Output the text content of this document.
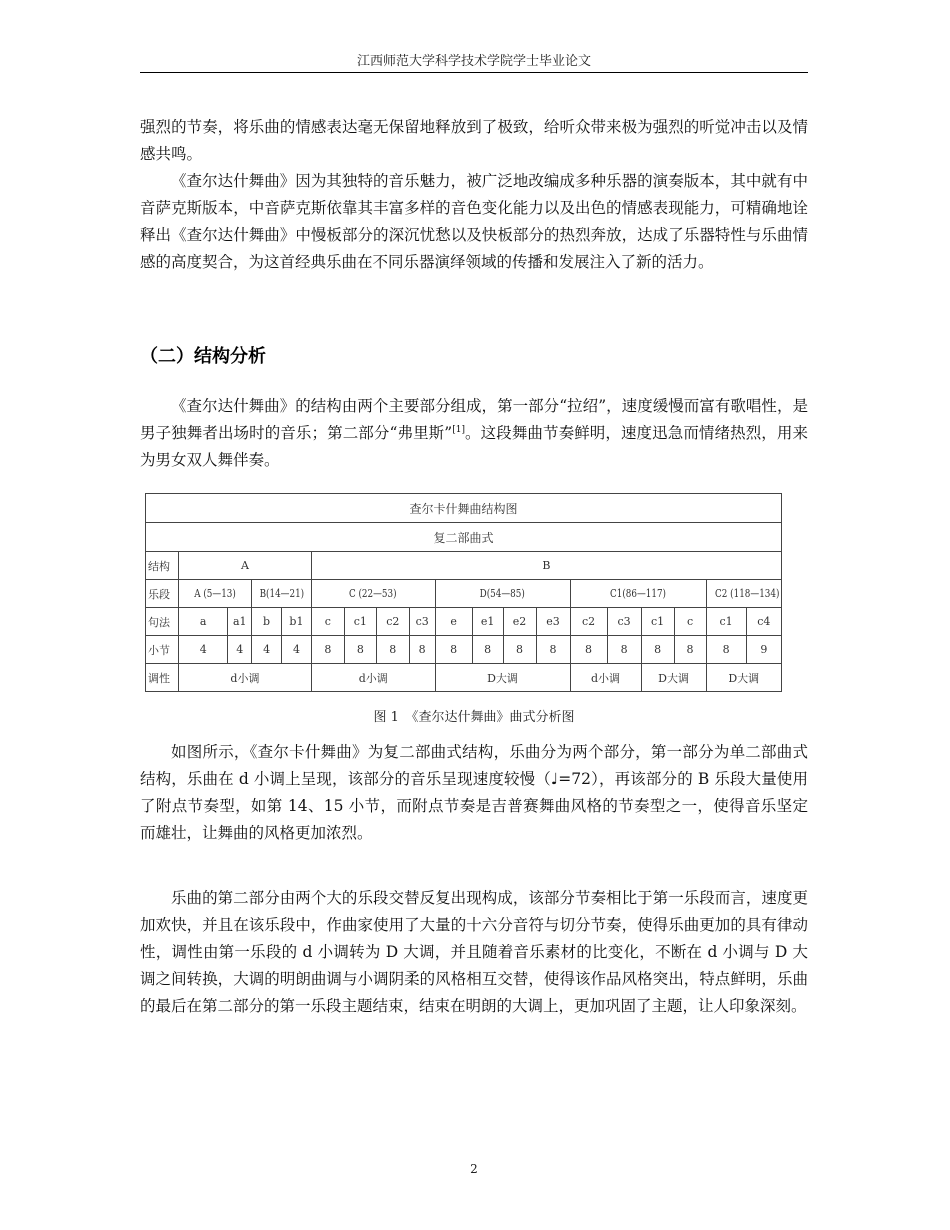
江西师范大学科学技术学院学士毕业论文

强烈的节奏，将乐曲的情感表达毫无保留地释放到了极致，给听众带来极为强烈的听觉冲击以及情感共鸣。

《查尔达什舞曲》因为其独特的音乐魅力，被广泛地改编成多种乐器的演奏版本，其中就有中音萨克斯版本，中音萨克斯依靠其丰富多样的音色变化能力以及出色的情感表现能力，可精确地诠释出《查尔达什舞曲》中慢板部分的深沉忧愁以及快板部分的热烈奔放，达成了乐器特性与乐曲情感的高度契合，为这首经典乐曲在不同乐器演绎领域的传播和发展注入了新的活力。

（二）结构分析

《查尔达什舞曲》的结构由两个主要部分组成，第一部分“拉绍”，速度缓慢而富有歌唱性，是男子独舞者出场时的音乐；第二部分“弗里斯”[1]。这段舞曲节奏鲜明，速度迅急而情绪热烈，用来为男女双人舞伴奏。

查尔卡什舞曲结构图																		
复二部曲式																		
结构	A				B													
乐段	A (5—13)		B(14—21)		C (22—53)				D(54—85)				C1(86—117)				C2 (118—134)	
句法	a	a1	b	b1	c	c1	c2	c3	e	e1	e2	e3	c2	c3	c1	c	c1	c4
小节	4	4	4	4	8	8	8	8	8	8	8	8	8	8	8	8	8	9
调性	d小调				d小调				D大调				d小调		D大调		D大调	
图 1　《查尔达什舞曲》曲式分析图

如图所示，《查尔卡什舞曲》为复二部曲式结构，乐曲分为两个部分，第一部分为单二部曲式结构，乐曲在 d 小调上呈现，该部分的音乐呈现速度较慢（♩=72），再该部分的 B 乐段大量使用了附点节奏型，如第 14、15 小节，而附点节奏是吉普赛舞曲风格的节奏型之一，使得音乐坚定而雄壮，让舞曲的风格更加浓烈。

乐曲的第二部分由两个大的乐段交替反复出现构成，该部分节奏相比于第一乐段而言，速度更加欢快，并且在该乐段中，作曲家使用了大量的十六分音符与切分节奏，使得乐曲更加的具有律动性，调性由第一乐段的 d 小调转为 D 大调，并且随着音乐素材的比变化，不断在 d 小调与 D 大调之间转换，大调的明朗曲调与小调阴柔的风格相互交替，使得该作品风格突出，特点鲜明，乐曲的最后在第二部分的第一乐段主题结束，结束在明朗的大调上，更加巩固了主题，让人印象深刻。

2
